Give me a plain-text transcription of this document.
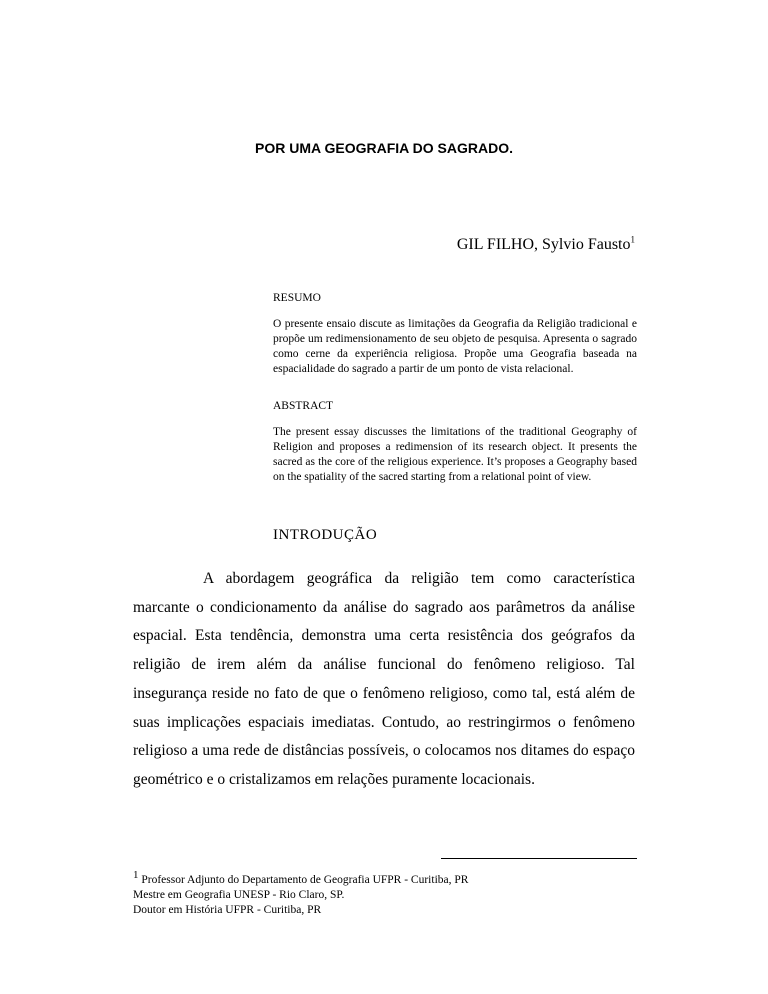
POR UMA GEOGRAFIA DO SAGRADO.
GIL FILHO, Sylvio Fausto$^1$
RESUMO
O presente ensaio discute as limitações da Geografia da Religião tradicional e propõe um redimensionamento de seu objeto de pesquisa. Apresenta o sagrado como cerne da experiência religiosa. Propõe uma Geografia baseada na espacialidade do sagrado a partir de um ponto de vista relacional.
ABSTRACT
The present essay discusses the limitations of the traditional Geography of Religion and proposes a redimension of its research object. It presents the sacred as the core of the religious experience. It’s proposes a Geography based on the spatiality of the sacred starting from a relational point of view.
INTRODUÇÃO
A abordagem geográfica da religião tem como característica marcante o condicionamento da análise do sagrado aos parâmetros da análise espacial. Esta tendência, demonstra uma certa resistência dos geógrafos da religião de irem além da análise funcional do fenômeno religioso. Tal insegurança reside no fato de que o fenômeno religioso, como tal, está além de suas implicações espaciais imediatas. Contudo, ao restringirmos o fenômeno religioso a uma rede de distâncias possíveis, o colocamos nos ditames do espaço geométrico e o cristalizamos em relações puramente locacionais.
$^1$ Professor Adjunto do Departamento de Geografia UFPR - Curitiba, PR
Mestre em Geografia UNESP - Rio Claro, SP.
Doutor em História UFPR - Curitiba, PR
